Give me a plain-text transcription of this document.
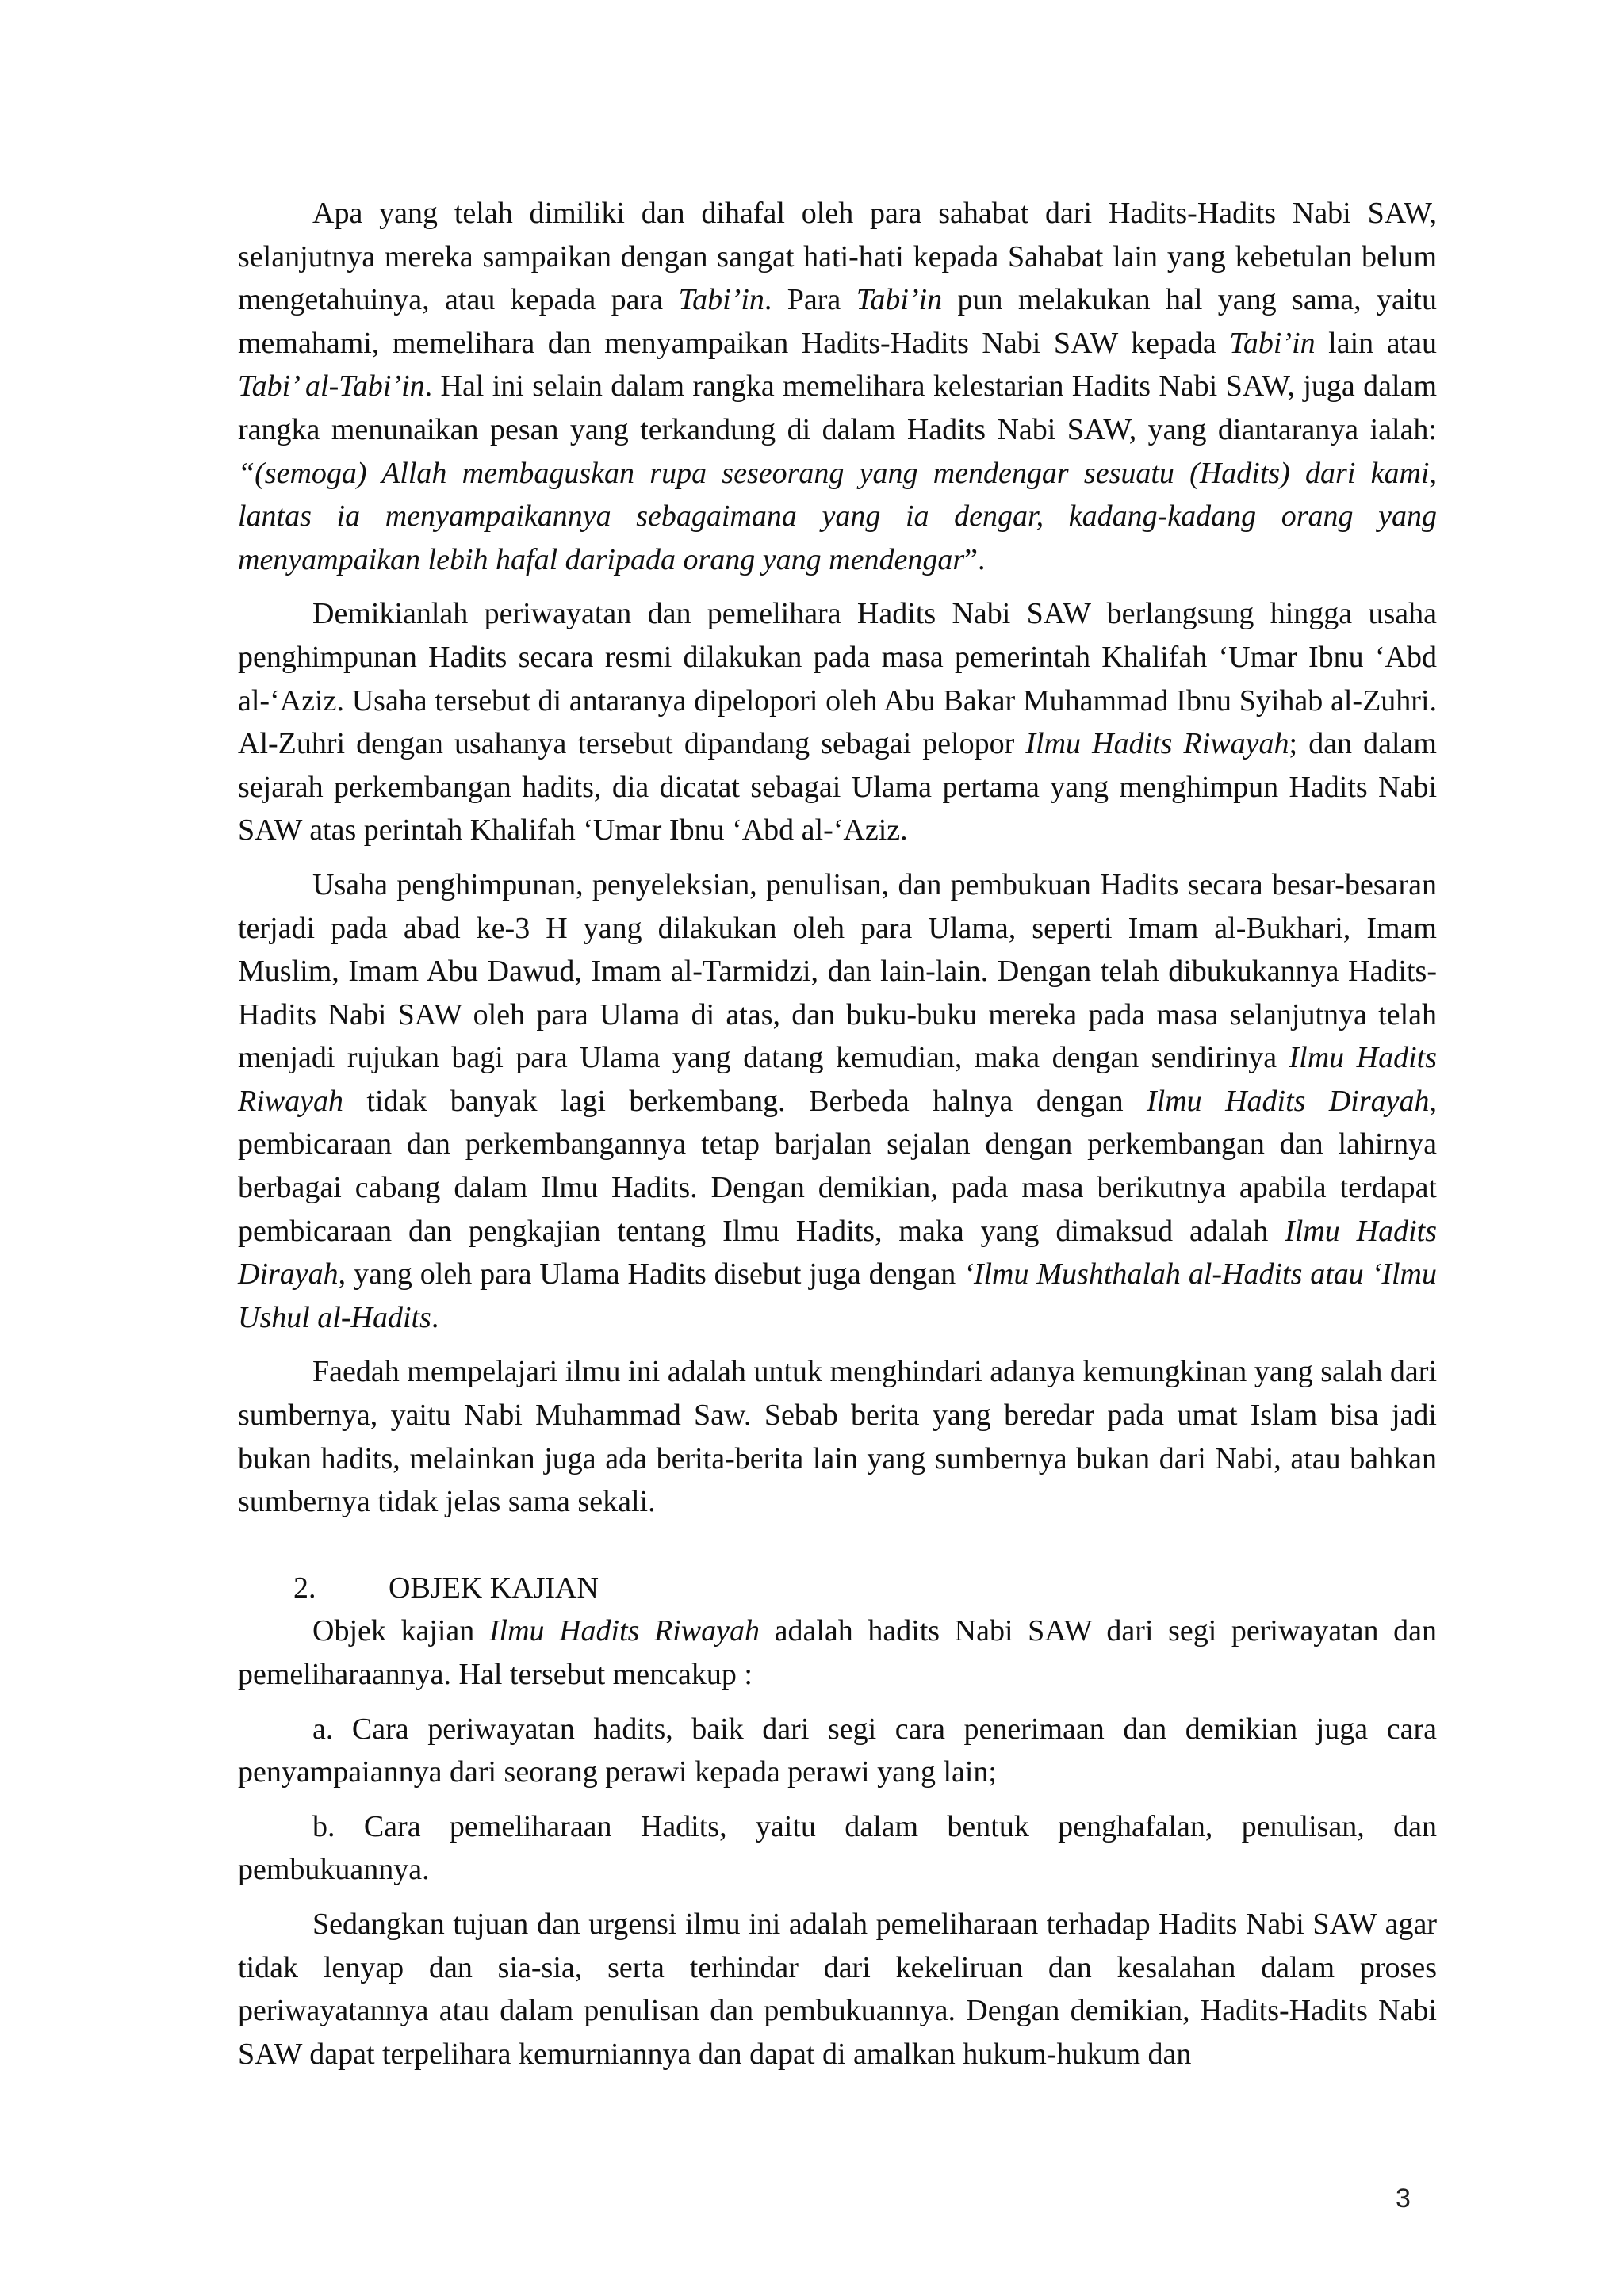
Apa yang telah dimiliki dan dihafal oleh para sahabat dari Hadits-Hadits Nabi SAW, selanjutnya mereka sampaikan dengan sangat hati-hati kepada Sahabat lain yang kebetulan belum mengetahuinya, atau kepada para Tabi’in. Para Tabi’in pun melakukan hal yang sama, yaitu memahami, memelihara dan menyampaikan Hadits-Hadits Nabi SAW kepada Tabi’in lain atau Tabi’ al-Tabi’in. Hal ini selain dalam rangka memelihara kelestarian Hadits Nabi SAW, juga dalam rangka menunaikan pesan yang terkandung di dalam Hadits Nabi SAW, yang diantaranya ialah: “(semoga) Allah membaguskan rupa seseorang yang mendengar sesuatu (Hadits) dari kami, lantas ia menyampaikannya sebagaimana yang ia dengar, kadang-kadang orang yang menyampaikan lebih hafal daripada orang yang mendengar”.

Demikianlah periwayatan dan pemelihara Hadits Nabi SAW berlangsung hingga usaha penghimpunan Hadits secara resmi dilakukan pada masa pemerintah Khalifah ‘Umar Ibnu ‘Abd al-‘Aziz. Usaha tersebut di antaranya dipelopori oleh Abu Bakar Muhammad Ibnu Syihab al-Zuhri. Al-Zuhri dengan usahanya tersebut dipandang sebagai pelopor Ilmu Hadits Riwayah; dan dalam sejarah perkembangan hadits, dia dicatat sebagai Ulama pertama yang menghimpun Hadits Nabi SAW atas perintah Khalifah ‘Umar Ibnu ‘Abd al-‘Aziz.

Usaha penghimpunan, penyeleksian, penulisan, dan pembukuan Hadits secara besar-besaran terjadi pada abad ke-3 H yang dilakukan oleh para Ulama, seperti Imam al-Bukhari, Imam Muslim, Imam Abu Dawud, Imam al-Tarmidzi, dan lain-lain. Dengan telah dibukukannya Hadits-Hadits Nabi SAW oleh para Ulama di atas, dan buku-buku mereka pada masa selanjutnya telah menjadi rujukan bagi para Ulama yang datang kemudian, maka dengan sendirinya Ilmu Hadits Riwayah tidak banyak lagi berkembang. Berbeda halnya dengan Ilmu Hadits Dirayah, pembicaraan dan perkembangannya tetap barjalan sejalan dengan perkembangan dan lahirnya berbagai cabang dalam Ilmu Hadits. Dengan demikian, pada masa berikutnya apabila terdapat pembicaraan dan pengkajian tentang Ilmu Hadits, maka yang dimaksud adalah Ilmu Hadits Dirayah, yang oleh para Ulama Hadits disebut juga dengan ‘Ilmu Mushthalah al-Hadits atau ‘Ilmu Ushul al-Hadits.

Faedah mempelajari ilmu ini adalah untuk menghindari adanya kemungkinan yang salah dari sumbernya, yaitu Nabi Muhammad Saw. Sebab berita yang beredar pada umat Islam bisa jadi bukan hadits, melainkan juga ada berita-berita lain yang sumbernya bukan dari Nabi, atau bahkan sumbernya tidak jelas sama sekali.

2.	OBJEK KAJIAN

Objek kajian Ilmu Hadits Riwayah adalah hadits Nabi SAW dari segi periwayatan dan pemeliharaannya. Hal tersebut mencakup :

a. Cara periwayatan hadits, baik dari segi cara penerimaan dan demikian juga cara penyampaiannya dari seorang perawi kepada perawi yang lain;

b. Cara pemeliharaan Hadits, yaitu dalam bentuk penghafalan, penulisan, dan pembukuannya.

Sedangkan tujuan dan urgensi ilmu ini adalah pemeliharaan terhadap Hadits Nabi SAW agar tidak lenyap dan sia-sia, serta terhindar dari kekeliruan dan kesalahan dalam proses periwayatannya atau dalam penulisan dan pembukuannya. Dengan demikian, Hadits-Hadits Nabi SAW dapat terpelihara kemurniannya dan dapat di amalkan hukum-hukum dan

3
